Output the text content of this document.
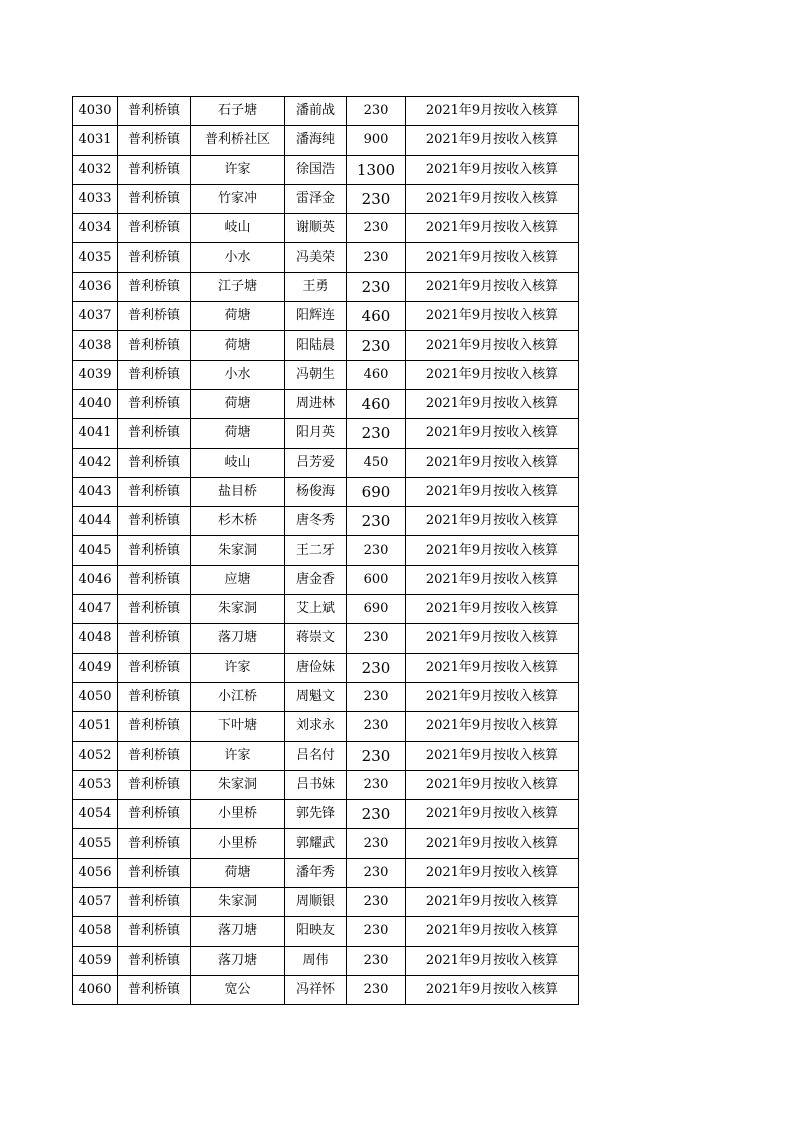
4030	普利桥镇	石子塘	潘前战	230	2021年9月按收入核算
4031	普利桥镇	普利桥社区	潘海纯	900	2021年9月按收入核算
4032	普利桥镇	许家	徐国浩	1300	2021年9月按收入核算
4033	普利桥镇	竹家冲	雷泽金	230	2021年9月按收入核算
4034	普利桥镇	岐山	谢顺英	230	2021年9月按收入核算
4035	普利桥镇	小水	冯美荣	230	2021年9月按收入核算
4036	普利桥镇	江子塘	王勇	230	2021年9月按收入核算
4037	普利桥镇	荷塘	阳辉连	460	2021年9月按收入核算
4038	普利桥镇	荷塘	阳陆晨	230	2021年9月按收入核算
4039	普利桥镇	小水	冯朝生	460	2021年9月按收入核算
4040	普利桥镇	荷塘	周进林	460	2021年9月按收入核算
4041	普利桥镇	荷塘	阳月英	230	2021年9月按收入核算
4042	普利桥镇	岐山	吕芳爱	450	2021年9月按收入核算
4043	普利桥镇	盐目桥	杨俊海	690	2021年9月按收入核算
4044	普利桥镇	杉木桥	唐冬秀	230	2021年9月按收入核算
4045	普利桥镇	朱家洞	王二牙	230	2021年9月按收入核算
4046	普利桥镇	应塘	唐金香	600	2021年9月按收入核算
4047	普利桥镇	朱家洞	艾上斌	690	2021年9月按收入核算
4048	普利桥镇	落刀塘	蒋崇文	230	2021年9月按收入核算
4049	普利桥镇	许家	唐俭妹	230	2021年9月按收入核算
4050	普利桥镇	小江桥	周魁文	230	2021年9月按收入核算
4051	普利桥镇	下叶塘	刘求永	230	2021年9月按收入核算
4052	普利桥镇	许家	吕名付	230	2021年9月按收入核算
4053	普利桥镇	朱家洞	吕书妹	230	2021年9月按收入核算
4054	普利桥镇	小里桥	郭先锋	230	2021年9月按收入核算
4055	普利桥镇	小里桥	郭耀武	230	2021年9月按收入核算
4056	普利桥镇	荷塘	潘年秀	230	2021年9月按收入核算
4057	普利桥镇	朱家洞	周顺银	230	2021年9月按收入核算
4058	普利桥镇	落刀塘	阳映友	230	2021年9月按收入核算
4059	普利桥镇	落刀塘	周伟	230	2021年9月按收入核算
4060	普利桥镇	宽公	冯祥怀	230	2021年9月按收入核算
